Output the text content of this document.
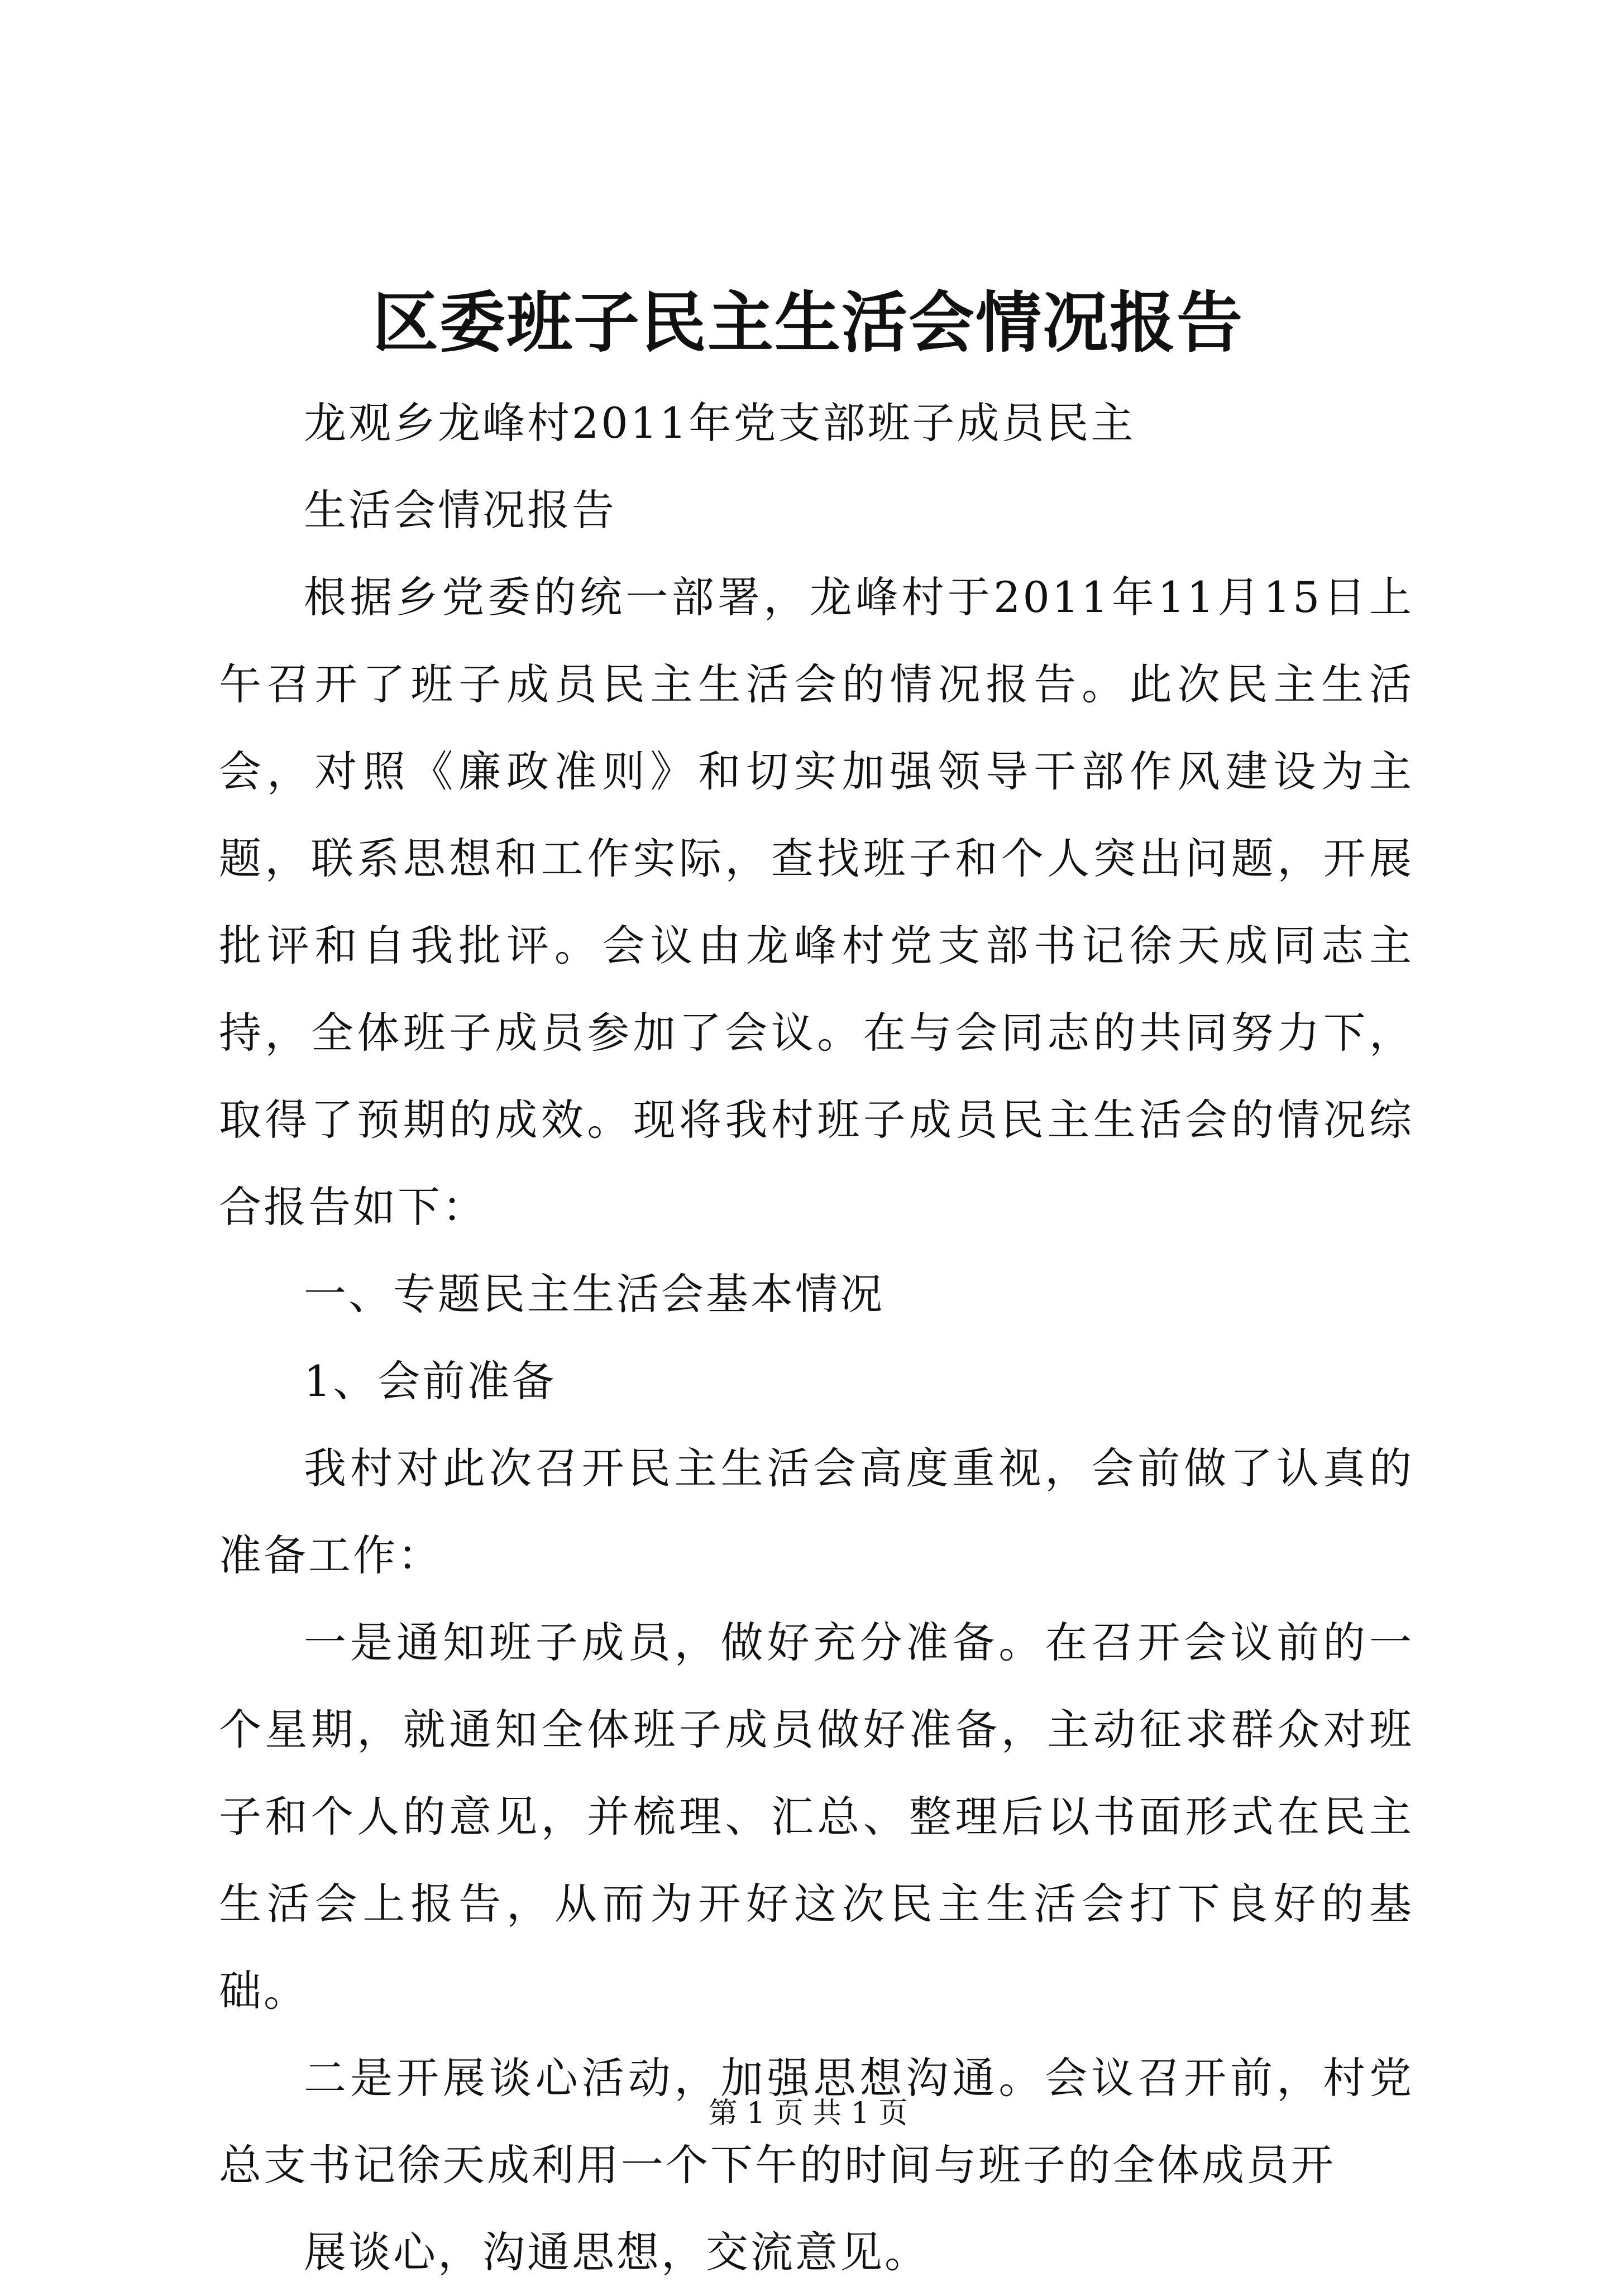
区委班子民主生活会情况报告

龙观乡龙峰村2011年党支部班子成员民主

生活会情况报告

根据乡党委的统一部署，龙峰村于2011年11月15日上午召开了班子成员民主生活会的情况报告。此次民主生活会，对照《廉政准则》和切实加强领导干部作风建设为主题，联系思想和工作实际，查找班子和个人突出问题，开展批评和自我批评。会议由龙峰村党支部书记徐天成同志主持，全体班子成员参加了会议。在与会同志的共同努力下，取得了预期的成效。现将我村班子成员民主生活会的情况综合报告如下：

一、专题民主生活会基本情况

1、会前准备

我村对此次召开民主生活会高度重视，会前做了认真的准备工作：

一是通知班子成员，做好充分准备。在召开会议前的一个星期，就通知全体班子成员做好准备，主动征求群众对班子和个人的意见，并梳理、汇总、整理后以书面形式在民主生活会上报告，从而为开好这次民主生活会打下良好的基础。

二是开展谈心活动，加强思想沟通。会议召开前，村党总支书记徐天成利用一个下午的时间与班子的全体成员开

展谈心，沟通思想，交流意见。

第 1 页 共 1 页
